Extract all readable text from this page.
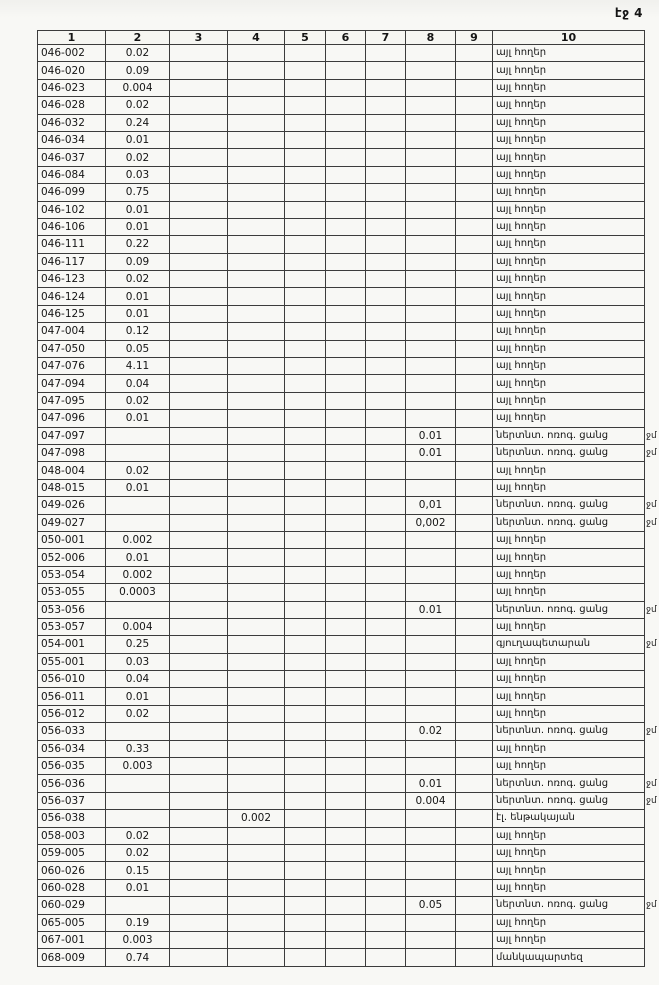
էջ 4
1	2	3	4	5	6	7	8	9	10	
046-002	0.02								այլ հողեր	
046-020	0.09								այլ հողեր	
046-023	0.004								այլ հողեր	
046-028	0.02								այլ հողեր	
046-032	0.24								այլ հողեր	
046-034	0.01								այլ հողեր	
046-037	0.02								այլ հողեր	
046-084	0.03								այլ հողեր	
046-099	0.75								այլ հողեր	
046-102	0.01								այլ հողեր	
046-106	0.01								այլ հողեր	
046-111	0.22								այլ հողեր	
046-117	0.09								այլ հողեր	
046-123	0.02								այլ հողեր	
046-124	0.01								այլ հողեր	
046-125	0.01								այլ հողեր	
047-004	0.12								այլ հողեր	
047-050	0.05								այլ հողեր	
047-076	4.11								այլ հողեր	
047-094	0.04								այլ հողեր	
047-095	0.02								այլ հողեր	
047-096	0.01								այլ հողեր	
047-097							0.01		ներտնտ. ոռոգ. ցանց	ջմ
047-098							0.01		ներտնտ. ոռոգ. ցանց	ջմ
048-004	0.02								այլ հողեր	
048-015	0.01								այլ հողեր	
049-026							0,01		ներտնտ. ոռոգ. ցանց	ջմ
049-027							0,002		ներտնտ. ոռոգ. ցանց	ջմ
050-001	0.002								այլ հողեր	
052-006	0.01								այլ հողեր	
053-054	0.002								այլ հողեր	
053-055	0.0003								այլ հողեր	
053-056							0.01		ներտնտ. ոռոգ. ցանց	ջմ
053-057	0.004								այլ հողեր	
054-001	0.25								գյուղապետարան	ջմ
055-001	0.03								այլ հողեր	
056-010	0.04								այլ հողեր	
056-011	0.01								այլ հողեր	
056-012	0.02								այլ հողեր	
056-033							0.02		ներտնտ. ոռոգ. ցանց	ջմ
056-034	0.33								այլ հողեր	
056-035	0.003								այլ հողեր	
056-036							0.01		ներտնտ. ոռոգ. ցանց	ջմ
056-037							0.004		ներտնտ. ոռոգ. ցանց	ջմ
056-038			0.002						էլ. ենթակայան	
058-003	0.02								այլ հողեր	
059-005	0.02								այլ հողեր	
060-026	0.15								այլ հողեր	
060-028	0.01								այլ հողեր	
060-029							0.05		ներտնտ. ոռոգ. ցանց	ջմ
065-005	0.19								այլ հողեր	
067-001	0.003								այլ հողեր	
068-009	0.74								մանկապարտեզ	
